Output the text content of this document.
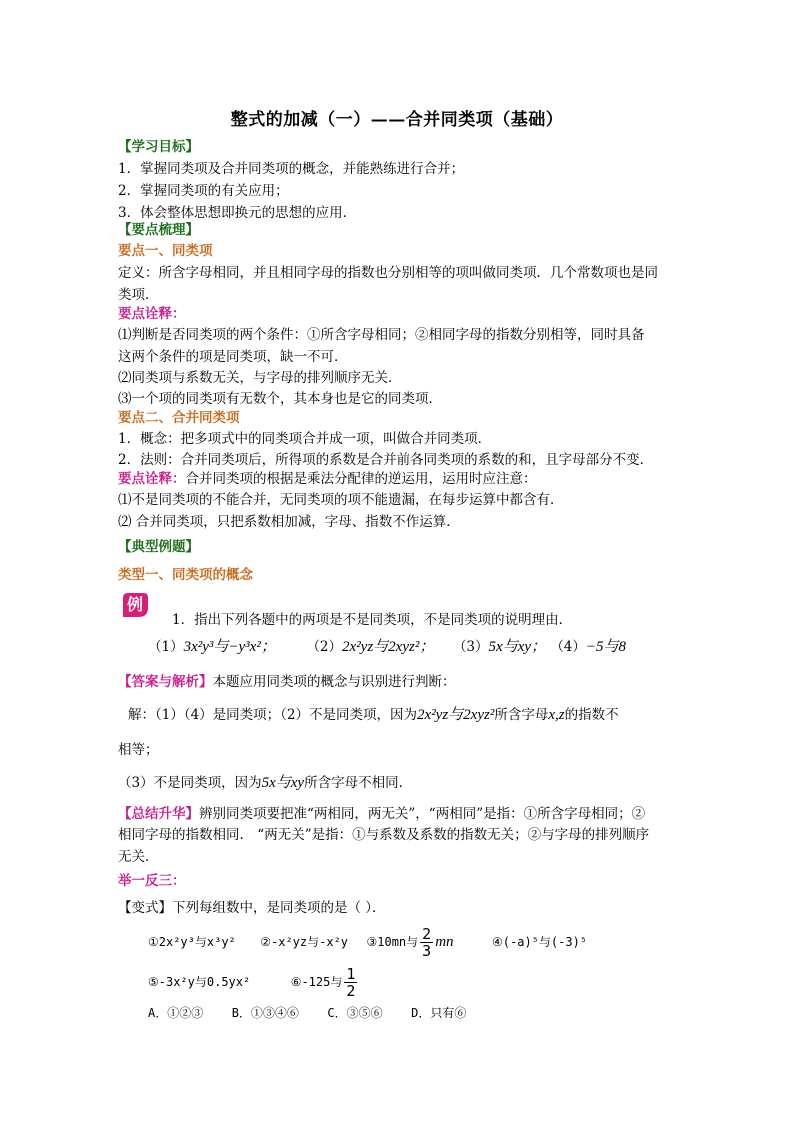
整式的加减（一）——合并同类项（基础）
【学习目标】
1．掌握同类项及合并同类项的概念，并能熟练进行合并；
2．掌握同类项的有关应用；
3．体会整体思想即换元的思想的应用．
【要点梳理】
要点一、同类项
定义：所含字母相同，并且相同字母的指数也分别相等的项叫做同类项．几个常数项也是同
类项．
要点诠释：
⑴判断是否同类项的两个条件：①所含字母相同；②相同字母的指数分别相等，同时具备
这两个条件的项是同类项，缺一不可．
⑵同类项与系数无关，与字母的排列顺序无关．
⑶一个项的同类项有无数个，其本身也是它的同类项．
要点二、合并同类项
1．概念：把多项式中的同类项合并成一项，叫做合并同类项．
2．法则：合并同类项后，所得项的系数是合并前各同类项的系数的和，且字母部分不变．
要点诠释：合并同类项的根据是乘法分配律的逆运用，运用时应注意：
⑴不是同类项的不能合并，无同类项的项不能遗漏，在每步运算中都含有．
⑵ 合并同类项，只把系数相加减，字母、指数不作运算．
【典型例题】
类型一、同类项的概念
例
1．指出下列各题中的两项是不是同类项，不是同类项的说明理由．
（1）3x²y³与−y³x²； （2）2x²yz与2xyz²； （3）5x与xy； （4）−5与8
【答案与解析】本题应用同类项的概念与识别进行判断：
解：（1）（4）是同类项；（2）不是同类项，因为2x²yz与2xyz²所含字母x,z的指数不
相等；
（3）不是同类项，因为5x与xy所含字母不相同．
【总结升华】辨别同类项要把准“两相同，两无关”，“两相同”是指：①所含字母相同；②
相同字母的指数相同． “两无关”是指：①与系数及系数的指数无关；②与字母的排列顺序
无关．
举一反三：
【变式】下列每组数中，是同类项的是（ ）．
①2x²y³与x³y² ②-x²yz与-x²y ③10mn与 $\frac{2}{3}$ mn	④(-a)⁵与(-3)⁵
⑤-3x²y与0.5yx²	⑥-125与 $\frac{1}{2}$
A．①②③ B．①③④⑥ C．③⑤⑥ D．只有⑥
